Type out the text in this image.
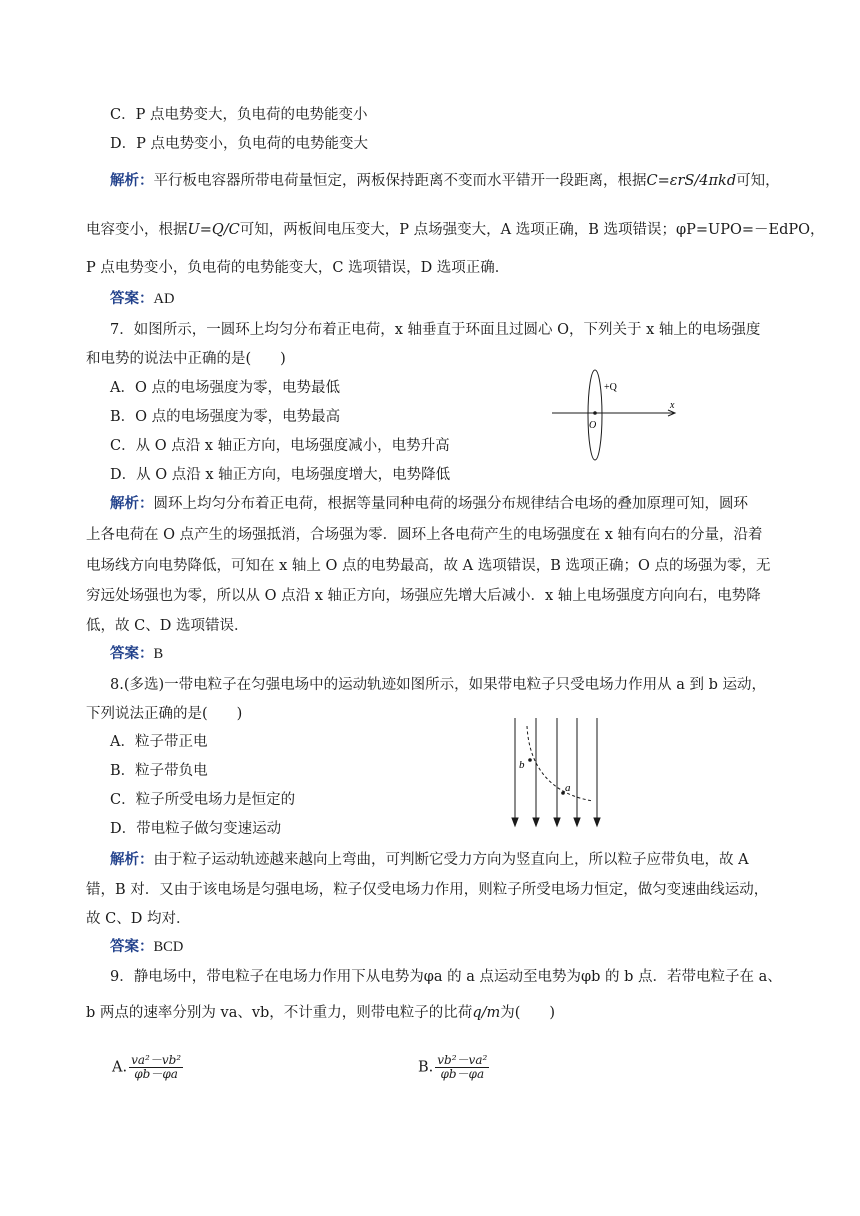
C．P 点电势变大，负电荷的电势能变小
D．P 点电势变小，负电荷的电势能变大
解析：平行板电容器所带电荷量恒定，两板保持距离不变而水平错开一段距离，根据C=εrS/4πkd可知，
电容变小，根据U=Q/C可知，两板间电压变大，P 点场强变大，A 选项正确，B 选项错误；φP=UPO=－EdPO，
P 点电势变小，负电荷的电势能变大，C 选项错误，D 选项正确．
答案：AD
7．如图所示，一圆环上均匀分布着正电荷，x 轴垂直于环面且过圆心 O，下列关于 x 轴上的电场强度
和电势的说法中正确的是(　　)
A．O 点的电场强度为零，电势最低
B．O 点的电场强度为零，电势最高
C．从 O 点沿 x 轴正方向，电场强度减小，电势升高
D．从 O 点沿 x 轴正方向，电场强度增大，电势降低
+Q
x
O
解析：圆环上均匀分布着正电荷，根据等量同种电荷的场强分布规律结合电场的叠加原理可知，圆环
上各电荷在 O 点产生的场强抵消，合场强为零．圆环上各电荷产生的电场强度在 x 轴有向右的分量，沿着
电场线方向电势降低，可知在 x 轴上 O 点的电势最高，故 A 选项错误，B 选项正确；O 点的场强为零，无
穷远处场强也为零，所以从 O 点沿 x 轴正方向，场强应先增大后减小．x 轴上电场强度方向向右，电势降
低，故 C、D 选项错误．
答案：B
8.(多选)一带电粒子在匀强电场中的运动轨迹如图所示，如果带电粒子只受电场力作用从 a 到 b 运动，
下列说法正确的是(　　)
A．粒子带正电
B．粒子带负电
C．粒子所受电场力是恒定的
D．带电粒子做匀变速运动
b
a
解析：由于粒子运动轨迹越来越向上弯曲，可判断它受力方向为竖直向上，所以粒子应带负电，故 A
错，B 对．又由于该电场是匀强电场，粒子仅受电场力作用，则粒子所受电场力恒定，做匀变速曲线运动，
故 C、D 均对．
答案：BCD
9．静电场中，带电粒子在电场力作用下从电势为φa 的 a 点运动至电势为φb 的 b 点．若带电粒子在 a、
b 两点的速率分别为 va、vb，不计重力，则带电粒子的比荷q/m为(　　)
A. $\frac{\text{va²－vb²}}{\varphi b-\varphi a}$	B. $\frac{\text{vb²－va²}}{\varphi b-\varphi a}$
